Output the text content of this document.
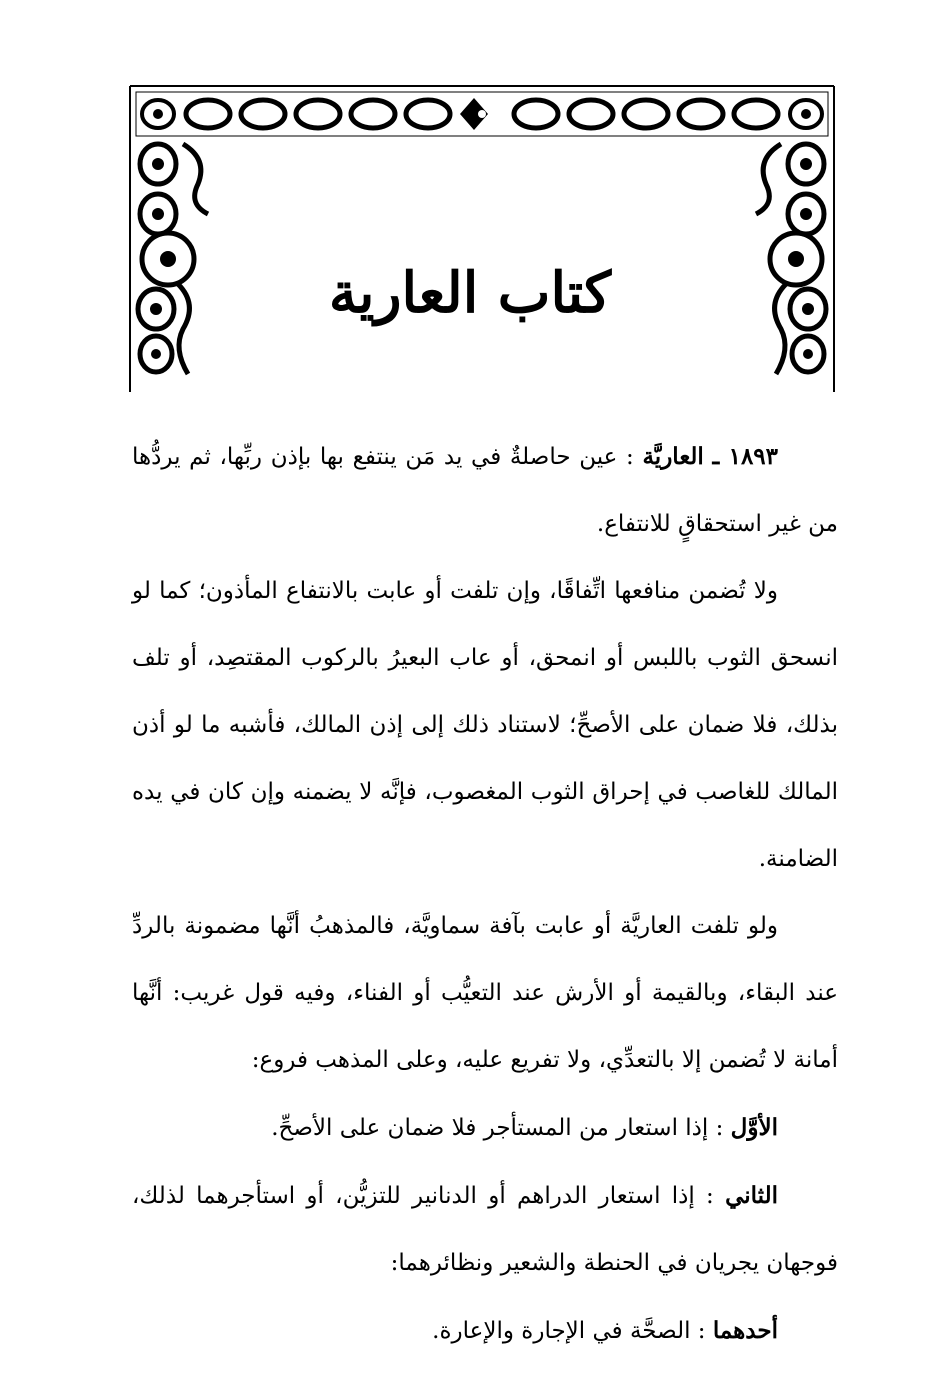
كتاب العارية

١٨٩٣ ـ العاريَّة : عين حاصلةٌ في يد مَن ينتفع بها بإذن ربِّها، ثم يردُّها من غير استحقاقٍ للانتفاع.

ولا تُضمن منافعها اتِّفاقًا، وإن تلفت أو عابت بالانتفاع المأذون؛ كما لو انسحق الثوب باللبس أو انمحق، أو عاب البعيرُ بالركوب المقتصِد، أو تلف بذلك، فلا ضمان على الأصحِّ؛ لاستناد ذلك إلى إذن المالك، فأشبه ما لو أذن المالك للغاصب في إحراق الثوب المغصوب، فإنَّه لا يضمنه وإن كان في يده الضامنة.

ولو تلفت العاريَّة أو عابت بآفة سماويَّة، فالمذهبُ أنَّها مضمونة بالردِّ عند البقاء، وبالقيمة أو الأرش عند التعيُّب أو الفناء، وفيه قول غريب: أنَّها أمانة لا تُضمن إلا بالتعدِّي، ولا تفريع عليه، وعلى المذهب فروع:

الأوَّل : إذا استعار من المستأجر فلا ضمان على الأصحِّ.

الثاني : إذا استعار الدراهم أو الدنانير للتزيُّن، أو استأجرهما لذلك، فوجهان يجريان في الحنطة والشعير ونظائرهما:

أحدهما : الصحَّة في الإجارة والإعارة.
